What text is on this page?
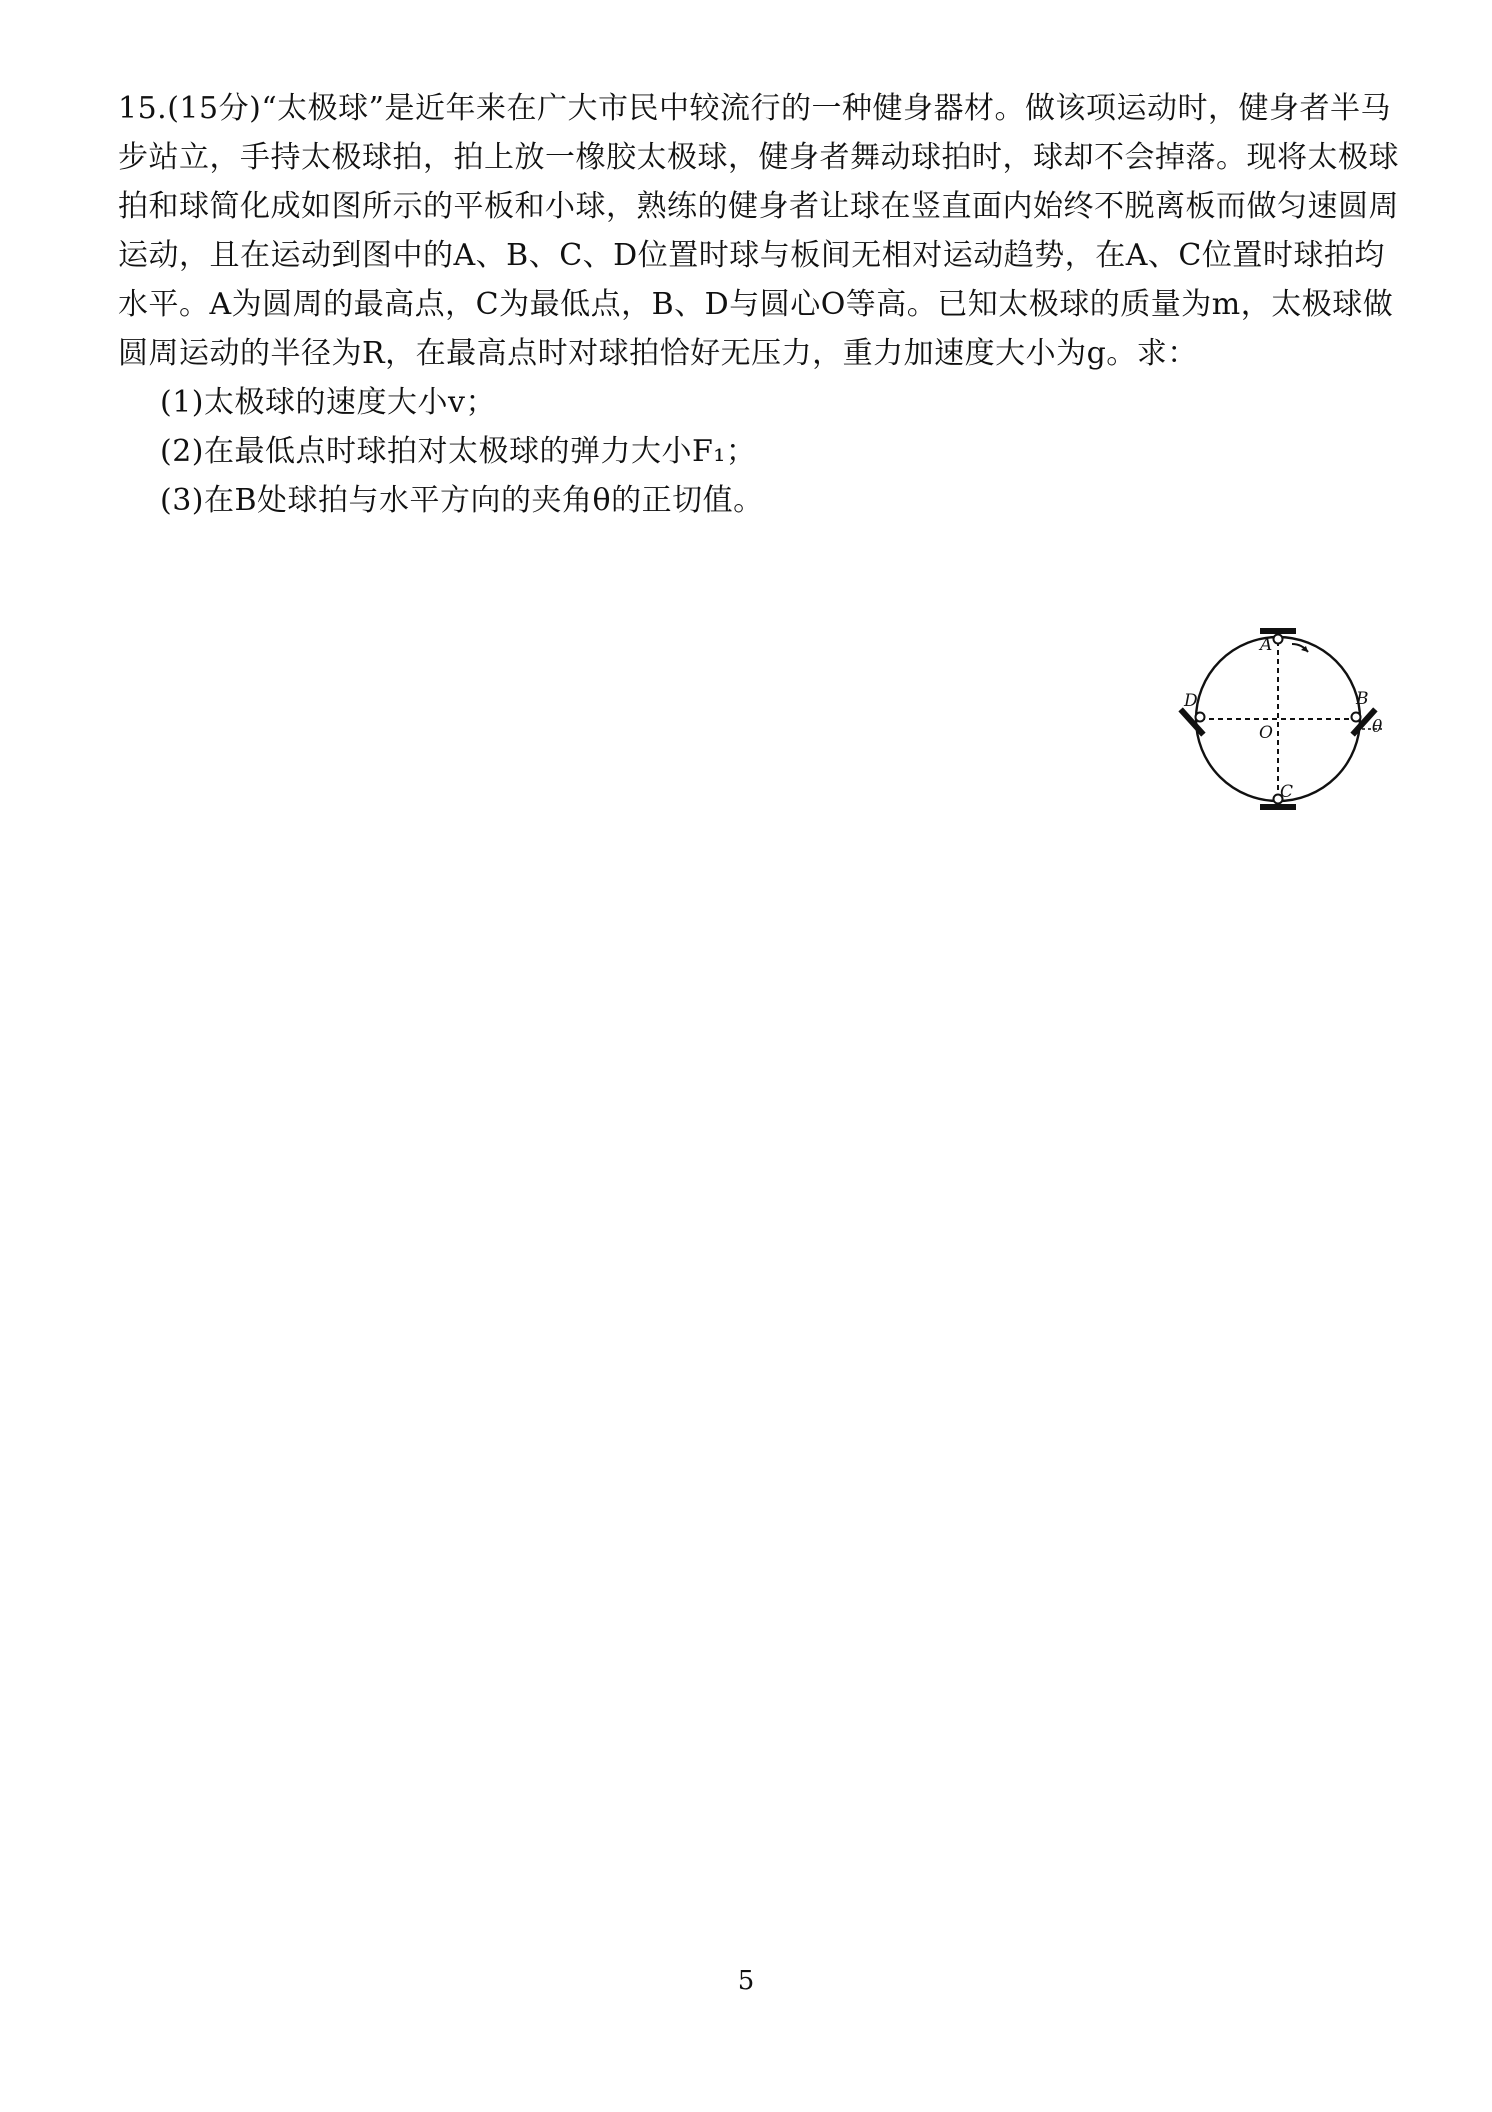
15.(15分)“太极球”是近年来在广大市民中较流行的一种健身器材。做该项运动时，健身者半马步站立，手持太极球拍，拍上放一橡胶太极球，健身者舞动球拍时，球却不会掉落。现将太极球拍和球简化成如图所示的平板和小球，熟练的健身者让球在竖直面内始终不脱离板而做匀速圆周运动，且在运动到图中的A、B、C、D位置时球与板间无相对运动趋势，在A、C位置时球拍均水平。A为圆周的最高点，C为最低点，B、D与圆心O等高。已知太极球的质量为m，太极球做圆周运动的半径为R，在最高点时对球拍恰好无压力，重力加速度大小为g。求：
(1)太极球的速度大小v；
(2)在最低点时球拍对太极球的弹力大小F₁；
(3)在B处球拍与水平方向的夹角θ的正切值。
A
B
C
D
O	θ
5
